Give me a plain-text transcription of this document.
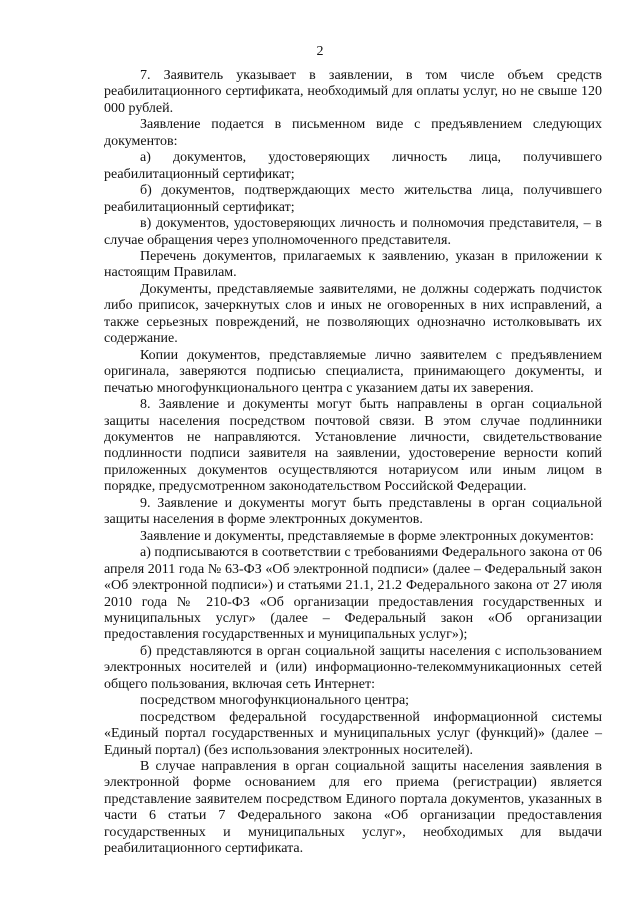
2

7. Заявитель указывает в заявлении, в том числе объем средств реабилитационного сертификата, необходимый для оплаты услуг, но не свыше 120 000 рублей.

Заявление подается в письменном виде с предъявлением следующих документов:

а) документов, удостоверяющих личность лица, получившего реабилитационный сертификат;

б) документов, подтверждающих место жительства лица, получившего реабилитационный сертификат;

в) документов, удостоверяющих личность и полномочия представителя, – в случае обращения через уполномоченного представителя.

Перечень документов, прилагаемых к заявлению, указан в приложении к настоящим Правилам.

Документы, представляемые заявителями, не должны содержать подчисток либо приписок, зачеркнутых слов и иных не оговоренных в них исправлений, а также серьезных повреждений, не позволяющих однозначно истолковывать их содержание.

Копии документов, представляемые лично заявителем с предъявлением оригинала, заверяются подписью специалиста, принимающего документы, и печатью многофункционального центра с указанием даты их заверения.

8. Заявление и документы могут быть направлены в орган социальной защиты населения посредством почтовой связи. В этом случае подлинники документов не направляются. Установление личности, свидетельствование подлинности подписи заявителя на заявлении, удостоверение верности копий приложенных документов осуществляются нотариусом или иным лицом в порядке, предусмотренном законодательством Российской Федерации.

9. Заявление и документы могут быть представлены в орган социальной защиты населения в форме электронных документов.

Заявление и документы, представляемые в форме электронных документов:

а) подписываются в соответствии с требованиями Федерального закона от 06 апреля 2011 года № 63-ФЗ «Об электронной подписи» (далее – Федеральный закон «Об электронной подписи») и статьями 21.1, 21.2 Федерального закона от 27 июля 2010 года № 210-ФЗ «Об организации предоставления государственных и муниципальных услуг» (далее – Федеральный закон «Об организации предоставления государственных и муниципальных услуг»);

б) представляются в орган социальной защиты населения с использованием электронных носителей и (или) информационно-телекоммуникационных сетей общего пользования, включая сеть Интернет:

посредством многофункционального центра;

посредством федеральной государственной информационной системы «Единый портал государственных и муниципальных услуг (функций)» (далее – Единый портал) (без использования электронных носителей).

В случае направления в орган социальной защиты населения заявления в электронной форме основанием для его приема (регистрации) является представление заявителем посредством Единого портала документов, указанных в части 6 статьи 7 Федерального закона «Об организации предоставления государственных и муниципальных услуг», необходимых для выдачи реабилитационного сертификата.
